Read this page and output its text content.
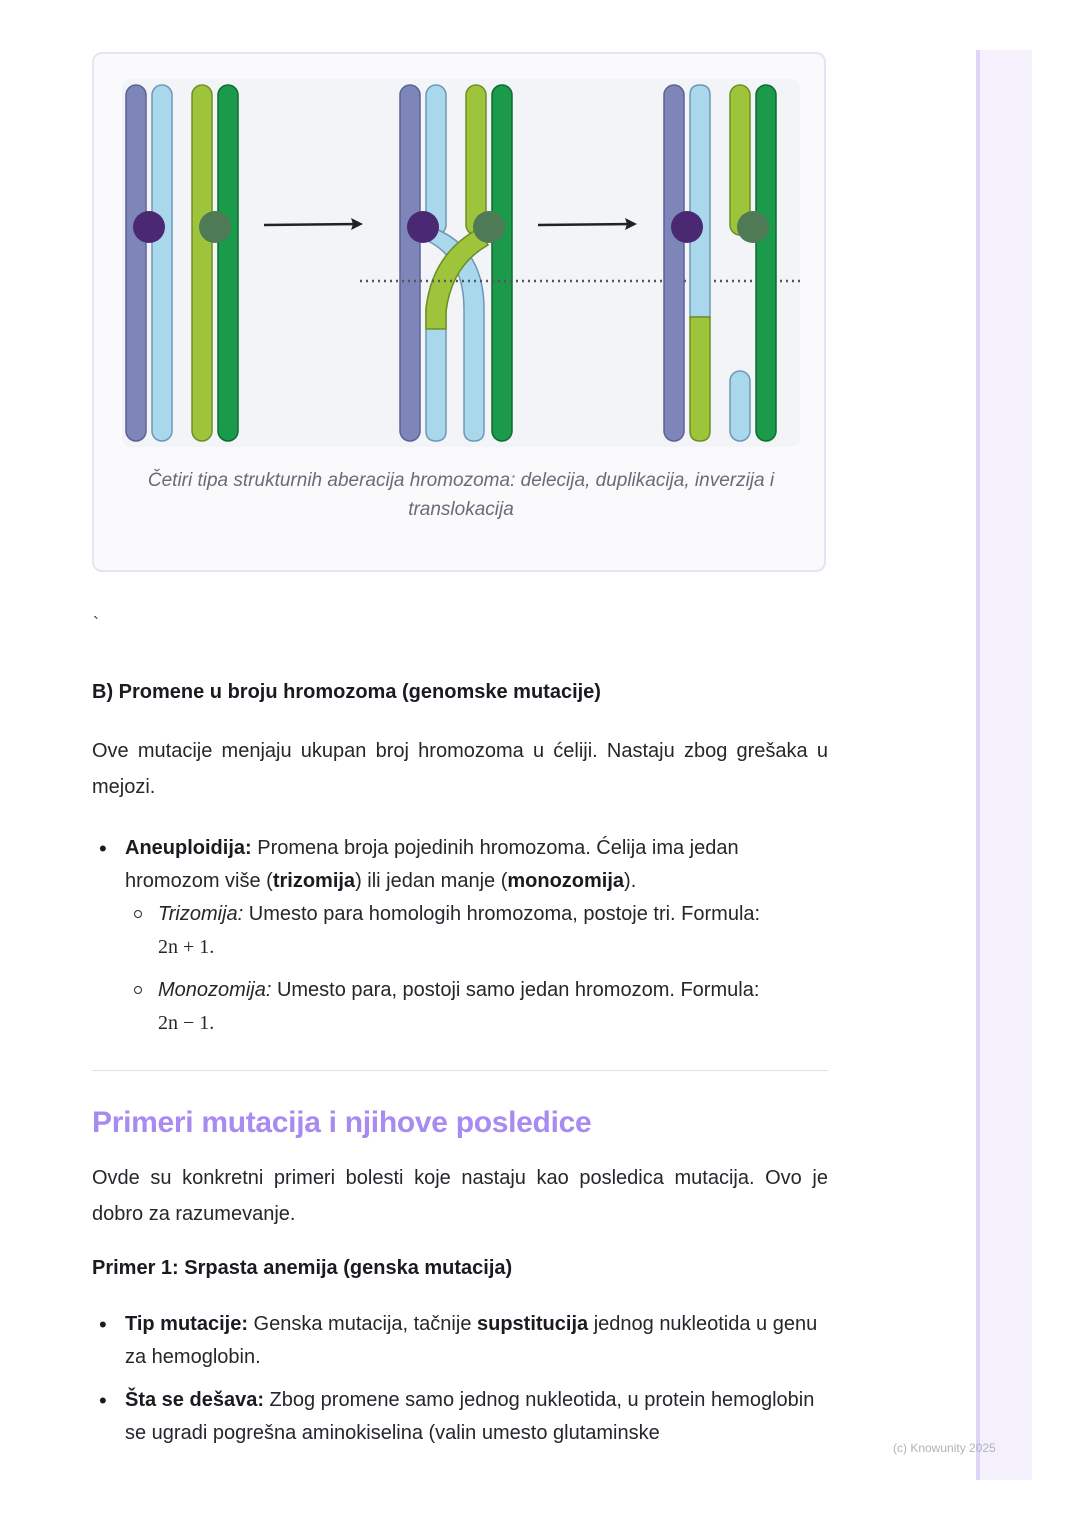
Četiri tipa strukturnih aberacija hromozoma: delecija, duplikacija, inverzija i translokacija
`
B) Promene u broju hromozoma (genomske mutacije)

Ove mutacije menjaju ukupan broj hromozoma u ćeliji. Nastaju zbog grešaka u mejozi.

• Aneuploidija: Promena broja pojedinih hromozoma. Ćelija ima jedan hromozom više (trizomija) ili jedan manje (monozomija).
Trizomija: Umesto para homologih hromozoma, postoje tri. Formula:
2n + 1.
Monozomija: Umesto para, postoji samo jedan hromozom. Formula:
2n − 1.
Primeri mutacija i njihove posledice

Ovde su konkretni primeri bolesti koje nastaju kao posledica mutacija. Ovo je dobro za razumevanje.

Primer 1: Srpasta anemija (genska mutacija)
• Tip mutacije: Genska mutacija, tačnije supstitucija jednog nukleotida u genu za hemoglobin.
• Šta se dešava: Zbog promene samo jednog nukleotida, u protein hemoglobin se ugradi pogrešna aminokiselina (valin umesto glutaminske
(c) Knowunity 2025
